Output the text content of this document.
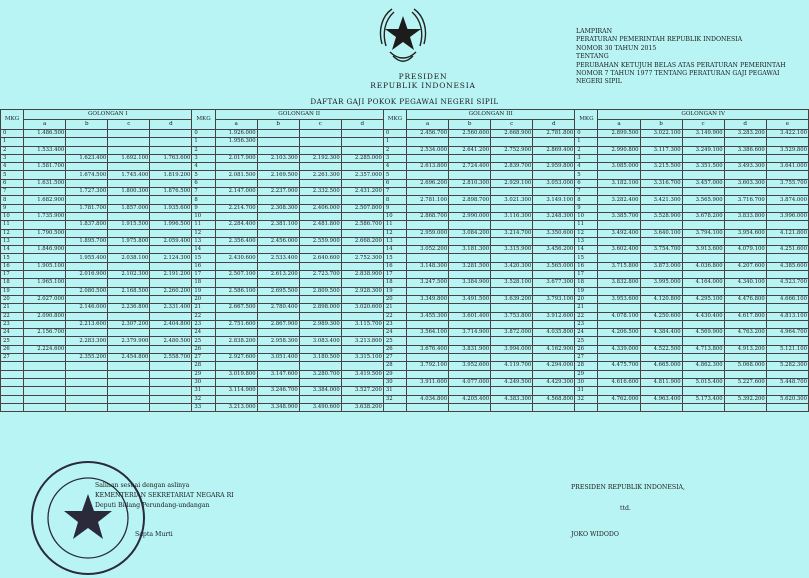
PRESIDEN
REPUBLIK INDONESIA
LAMPIRAN
PERATURAN PEMERINTAH REPUBLIK INDONESIA
NOMOR 30 TAHUN 2015
TENTANG
PERUBAHAN KETUJUH BELAS ATAS PERATURAN PEMERINTAH
NOMOR 7 TAHUN 1977 TENTANG PERATURAN GAJI PEGAWAI
NEGERI SIPIL
DAFTAR GAJI POKOK PEGAWAI NEGERI SIPIL
MKG	GOLONGAN I				MKG	GOLONGAN II				MKG	GOLONGAN III				MKG	GOLONGAN IV				
	a	b	c	d		a	b	c	d		a	b	c	d		a	b	c	d	e
0	1.486.500				0	1.926.000				0	2.456.700	2.560.600	2.668.900	2.781.800	0	2.899.500	3.022.100	3.149.900	3.283.200	3.422.100
1					1	1.956.300				1					1					
2	1.533.400				2					2	2.534.000	2.641.200	2.752.900	2.869.400	2	2.990.800	3.117.300	3.249.100	3.386.600	3.529.800
3		1.623.400	1.692.100	1.763.600	3	2.017.900	2.103.300	2.192.300	2.285.000	3					3					
4	1.581.700				4					4	2.613.800	2.724.400	2.839.700	2.959.800	4	3.085.000	3.215.500	3.351.500	3.493.300	3.641.000
5		1.674.500	1.745.400	1.819.200	5	2.081.500	2.169.500	2.261.300	2.357.000	5					5					
6	1.631.500				6					6	2.696.200	2.810.300	2.929.100	3.053.000	6	3.182.100	3.316.700	3.457.000	3.603.300	3.755.700
7		1.727.300	1.800.300	1.876.500	7	2.147.000	2.237.900	2.332.500	2.431.200	7					7					
8	1.682.900				8					8	2.781.100	2.898.700	3.021.300	3.149.100	8	3.282.400	3.421.300	3.565.900	3.716.700	3.874.000
9		1.781.700	1.857.000	1.935.600	9	2.214.700	2.308.300	2.406.000	2.507.800	9					9					
10	1.735.900				10					10	2.868.700	2.990.000	3.116.300	3.248.300	10	3.385.700	3.528.900	3.678.200	3.833.800	3.996.000
11		1.837.800	1.915.500	1.996.500	11	2.284.400	2.381.100	2.481.800	2.586.700	11					11					
12	1.790.500				12					12	2.959.000	3.084.200	3.214.700	3.350.600	12	3.492.400	3.640.100	3.794.100	3.954.600	4.121.800
13		1.895.700	1.975.800	2.059.400	13	2.356.400	2.456.000	2.559.900	2.668.200	13					13					
14	1.846.900				14					14	3.052.200	3.181.300	3.315.900	3.456.200	14	3.602.400	3.754.700	3.913.600	4.079.100	4.251.600
15		1.955.400	2.038.100	2.124.300	15	2.430.600	2.533.400	2.640.600	2.752.300	15					15					
16	1.905.100				16					16	3.148.300	3.281.500	3.420.300	3.565.000	16	3.715.800	3.873.000	4.036.800	4.207.600	4.385.600
17		2.016.900	2.102.300	2.191.200	17	2.507.100	2.613.200	2.723.700	2.838.900	17					17					
18	1.965.100				18					18	3.247.500	3.384.900	3.528.100	3.677.300	18	3.832.800	3.995.000	4.164.000	4.340.100	4.523.700
19		2.080.500	2.168.500	2.260.200	19	2.586.100	2.695.500	2.809.500	2.928.300	19					19					
20	2.027.000				20					20	3.349.800	3.491.500	3.639.200	3.793.100	20	3.953.600	4.120.800	4.295.100	4.476.800	4.666.100
21		2.146.000	2.236.800	2.331.400	21	2.667.500	2.780.400	2.898.000	3.020.600	21					21					
22	2.090.800				22					22	3.455.300	3.601.400	3.753.800	3.912.600	22	4.078.100	4.250.600	4.430.400	4.617.800	4.813.100
23		2.213.600	2.307.200	2.404.800	23	2.751.600	2.867.900	2.989.300	3.115.700	23					23					
24	2.156.700				24					24	3.564.100	3.714.900	3.872.000	4.035.800	24	4.206.500	4.384.400	4.569.900	4.763.200	4.964.700
25		2.283.300	2.379.900	2.480.500	25	2.838.200	2.958.300	3.083.400	3.213.800	25					25					
26	2.224.600				26					26	3.676.400	3.831.900	3.994.000	4.162.900	26	4.339.000	4.522.500	4.713.800	4.913.200	5.121.100
27		2.355.200	2.454.800	2.558.700	27	2.927.600	3.051.400	3.180.500	3.315.100	27					27					
					28					28	3.792.100	3.952.600	4.119.700	4.294.000	28	4.475.700	4.665.000	4.862.300	5.068.000	5.282.300
					29	3.019.800	3.147.600	3.280.700	3.419.500	29					29					
					30					30	3.911.600	4.077.000	4.249.500	4.429.300	30	4.616.600	4.811.900	5.015.400	5.227.600	5.448.700
					31	3.114.900	3.246.700	3.384.000	3.527.200	31					31					
					32					32	4.034.800	4.205.400	4.383.300	4.568.800	32	4.762.000	4.963.400	5.173.400	5.392.200	5.620.300
					33	3.213.000	3.348.900	3.490.600	3.638.200											
Salinan sesuai dengan aslinya
KEMENTERIAN SEKRETARIAT NEGARA RI
Deputi Bidang Perundang-undangan
Sapta Murti
PRESIDEN REPUBLIK INDONESIA,
ttd.
JOKO WIDODO
